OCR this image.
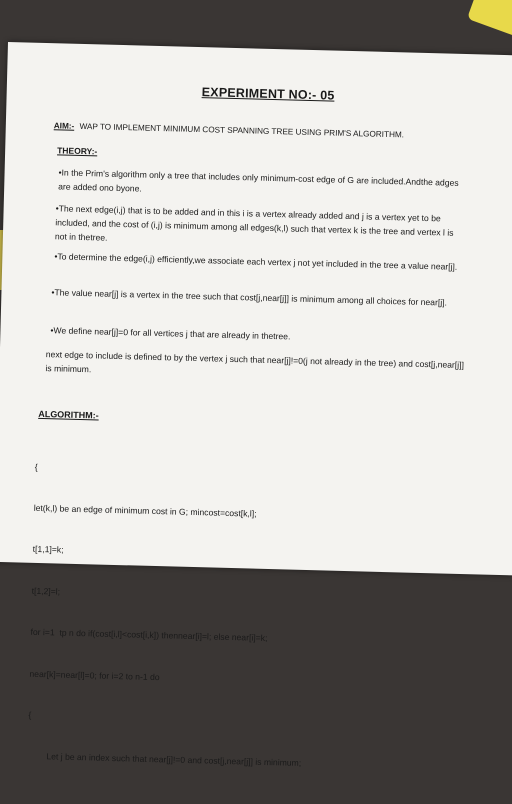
EXPERIMENT NO:- 05
AIM:- WAP TO IMPLEMENT MINIMUM COST SPANNING TREE USING PRIM'S ALGORITHM.
THEORY:-
•In the Prim's algorithm only a tree that includes only minimum-cost edge of G are included.Andthe adges are added ono byone.
•The next edge(i,j) that is to be added and in this i is a vertex already added and j is a vertex yet to be included, and the cost of (i,j) is minimum among all edges(k,l) such that vertex k is the tree and vertex l is not in thetree.
•To determine the edge(i,j) efficiently,we associate each vertex j not yet included in the tree a value near[j].
•The value near[j] is a vertex in the tree such that cost[j,near[j]] is minimum among all choices for near[j].
•We define near[j]=0 for all vertices j that are already in thetree.
next edge to include is defined to by the vertex j such that near[j]!=0(j not already in the tree) and cost[j,near[j]] is minimum.
ALGORITHM:-

{

let(k,l) be an edge of minimum cost in G; mincost=cost[k,l];

t[1,1]=k;

t[1,2]=l;

for i=1  tp n do if(cost[i,l]<cost[i,k]) thennear[i]=l; else near[i]=k;

near[k]=near[l]=0; for i=2 to n-1 do

{

Let j be an index such that near[j]!=0 and cost[j,near[j]] is minimum;
